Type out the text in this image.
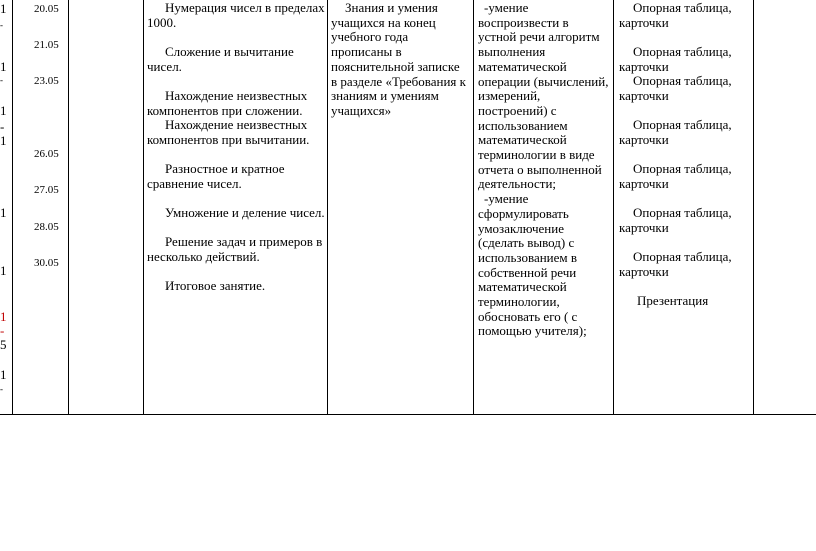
1
-
1
-
1
-
1
1
1
1
-
5
1
-
20.05
21.05
23.05
26.05
27.05
28.05
30.05
Нумерация чисел в пределах 1000.
Сложение и вычитание чисел.
Нахождение неизвестных компонентов при сложении.
Нахождение неизвестных компонентов при вычитании.
Разностное и кратное сравнение чисел.
Умножение и деление чисел.
Решение задач и примеров в несколько действий.
Итоговое занятие.
Знания и умения
учащихся на конец
учебного года
прописаны в
пояснительной записке
в разделе «Требования к
знаниям и умениям
учащихся»
-умение
воспроизвести в
устной речи алгоритм
выполнения
математической
операции (вычислений,
измерений,
построений) с
использованием
математической
терминологии в виде
отчета о выполненной
деятельности;
-умение
сформулировать
умозаключение
(сделать вывод) с
использованием в
собственной речи
математической
терминологии,
обосновать его ( с
помощью учителя);
Опорная таблица,
карточки
Опорная таблица,
карточки
Опорная таблица,
карточки
Опорная таблица,
карточки
Опорная таблица,
карточки
Опорная таблица,
карточки
Опорная таблица,
карточки
Презентация
